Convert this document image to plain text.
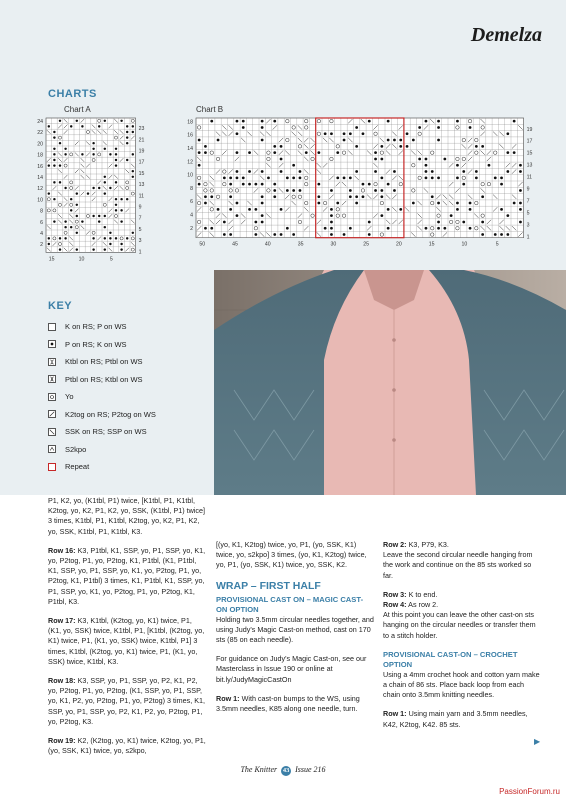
Demelza
CHARTS
Chart A	Chart B
24
22
20
18
16
14
12
10
8
6
4
2
23
21
19
17
15
13
11
9
7
5
3
1
15	10	5
18
16
14
12
10
8
6
4
2
19
17
15
13
11
9
7
5
3
1
50	45	40	35	30	25	20	15	10	5
KEY
K on RS; P on WS
P on RS; K on WS
Ktbl on RS; Ptbl on WS
Ptbl on RS; Ktbl on WS
Yo
K2tog on RS; P2tog on WS
SSK on RS; SSP on WS
S2kpo
Repeat

P1, K2, yo, (K1tbl, P1) twice, [K1tbl, P1, K1tbl, K2tog, yo, K2, P1, K2, yo, SSK, (K1tbl, P1) twice] 3 times, K1tbl, P1, K1tbl, K2tog, yo, K2, P1, K2, yo, SSK, K1tbl, P1, K1tbl, K3.

Row 16: K3, P1tbl, K1, SSP, yo, P1, SSP, yo, K1, yo, P2tog, P1, yo, P2tog, K1, P1tbl, (K1, P1tbl, K1, SSP, yo, P1, SSP, yo, K1, yo, P2tog, P1, yo, P2tog, K1, P1tbl) 3 times, K1, P1tbl, K1, SSP, yo, P1, SSP, yo, K1, yo, P2tog, P1, yo, P2tog, K1, P1tbl, K3.

Row 17: K3, K1tbl, (K2tog, yo, K1) twice, P1, (K1, yo, SSK) twice, K1tbl, P1, [K1tbl, (K2tog, yo, K1) twice, P1, (K1, yo, SSK) twice, K1tbl, P1] 3 times, K1tbl, (K2tog, yo, K1) twice, P1, (K1, yo, SSK) twice, K1tbl, K3.

Row 18: K3, SSP, yo, P1, SSP, yo, P2, K1, P2, yo, P2tog, P1, yo, P2tog, (K1, SSP, yo, P1, SSP, yo, K1, P2, yo, P2tog, P1, yo, P2tog) 3 times, K1, SSP, yo, P1, SSP, yo, P2, K1, P2, yo, P2tog, P1, yo, P2tog, K3.

Row 19: K2, (K2tog, yo, K1) twice, K2tog, yo, P1, (yo, SSK, K1) twice, yo, s2kpo,

[(yo, K1, K2tog) twice, yo, P1, (yo, SSK, K1) twice, yo, s2kpo] 3 times, (yo, K1, K2tog) twice, yo, P1, (yo, SSK, K1) twice, yo, SSK, K2.

WRAP – FIRST HALF
PROVISIONAL CAST ON – MAGIC CAST-ON OPTION

Holding two 3.5mm circular needles together, and using Judy's Magic Cast-on method, cast on 170 sts (85 on each needle).

For guidance on Judy's Magic Cast-on, see our Masterclass in Issue 190 or online at bit.ly/JudyMagicCastOn

Row 1: With cast-on bumps to the WS, using 3.5mm needles, K85 along one needle, turn.

Row 2: K3, P79, K3.

Leave the second circular needle hanging from the work and continue on the 85 sts worked so far.

Row 3: K to end.
Row 4: As row 2.

At this point you can leave the other cast-on sts hanging on the circular needles or transfer them to a stitch holder.

PROVISIONAL CAST-ON – CROCHET OPTION

Using a 4mm crochet hook and cotton yarn make a chain of 86 sts. Place back loop from each chain onto 3.5mm knitting needles.

Row 1: Using main yarn and 3.5mm needles, K42, K2tog, K42. 85 sts.

▶
The Knitter 43 Issue 216
PassionForum.ru
